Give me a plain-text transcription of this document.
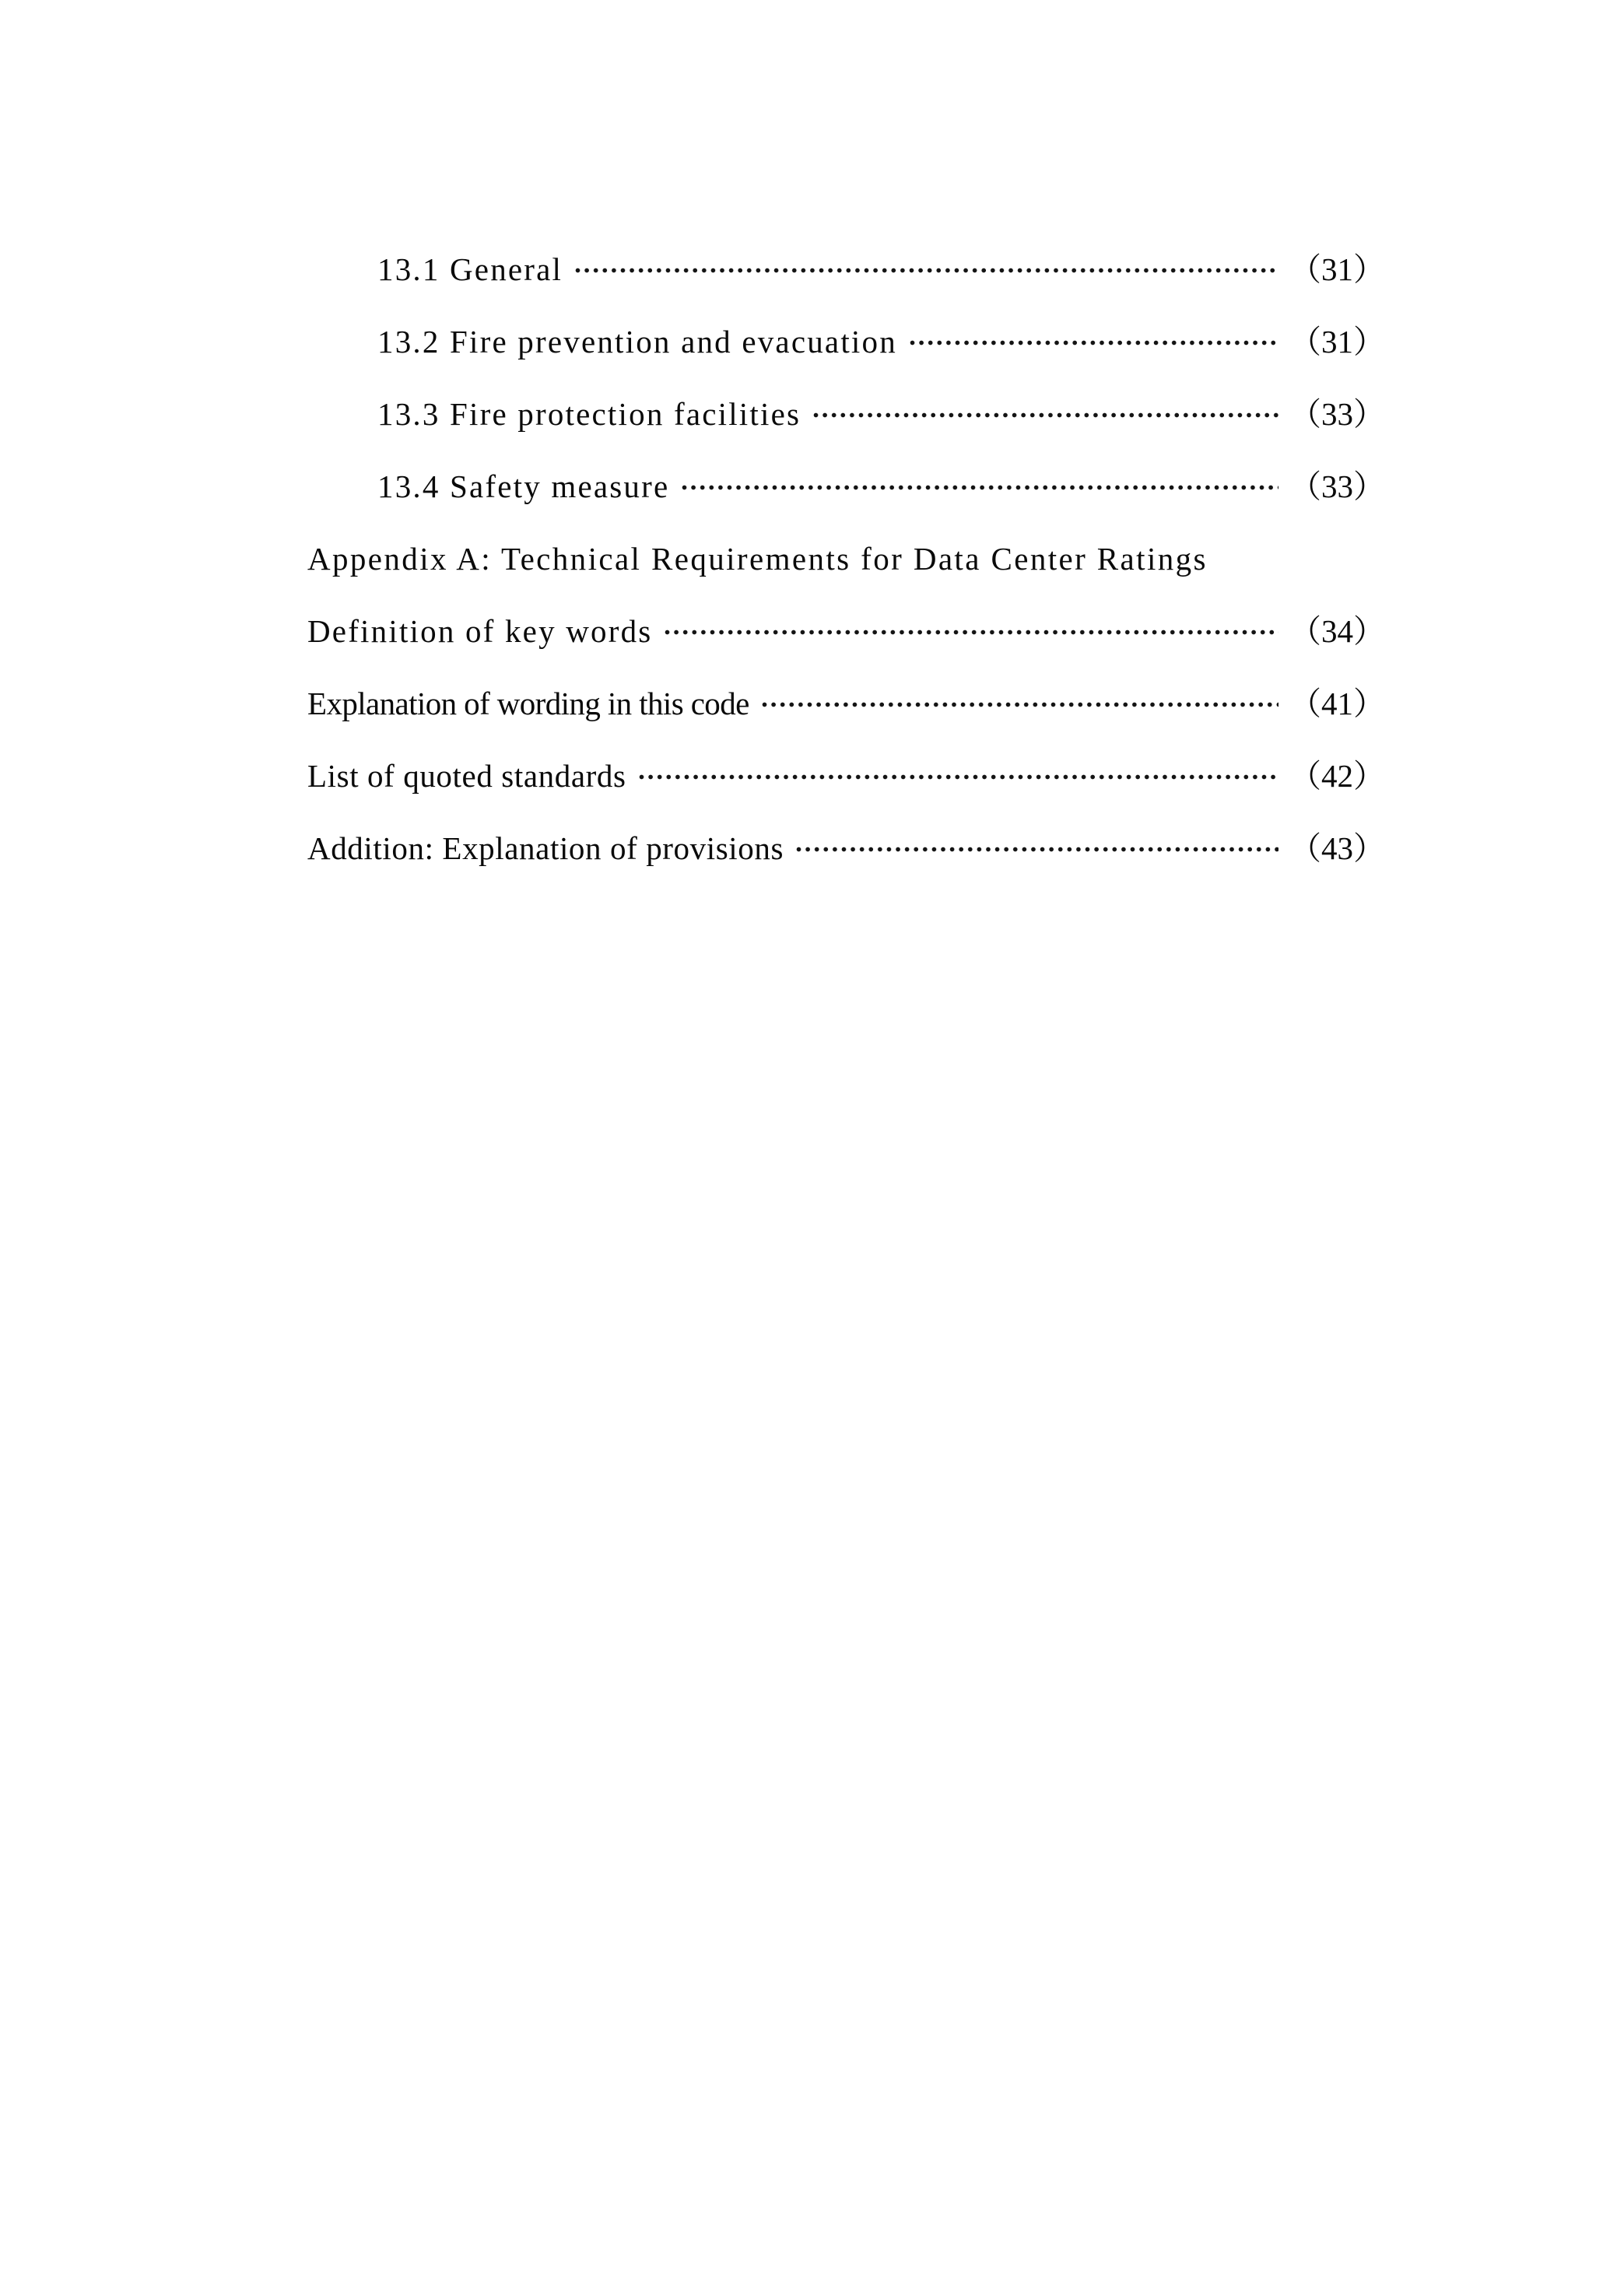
13.1 General	（31）
13.2 Fire prevention and evacuation	（31）
13.3 Fire protection facilities	（33）
13.4 Safety measure	（33）
Appendix A: Technical Requirements for Data Center Ratings
Definition of key words	（34）
Explanation of wording in this code	（41）
List of quoted standards	（42）
Addition: Explanation of provisions	（43）
